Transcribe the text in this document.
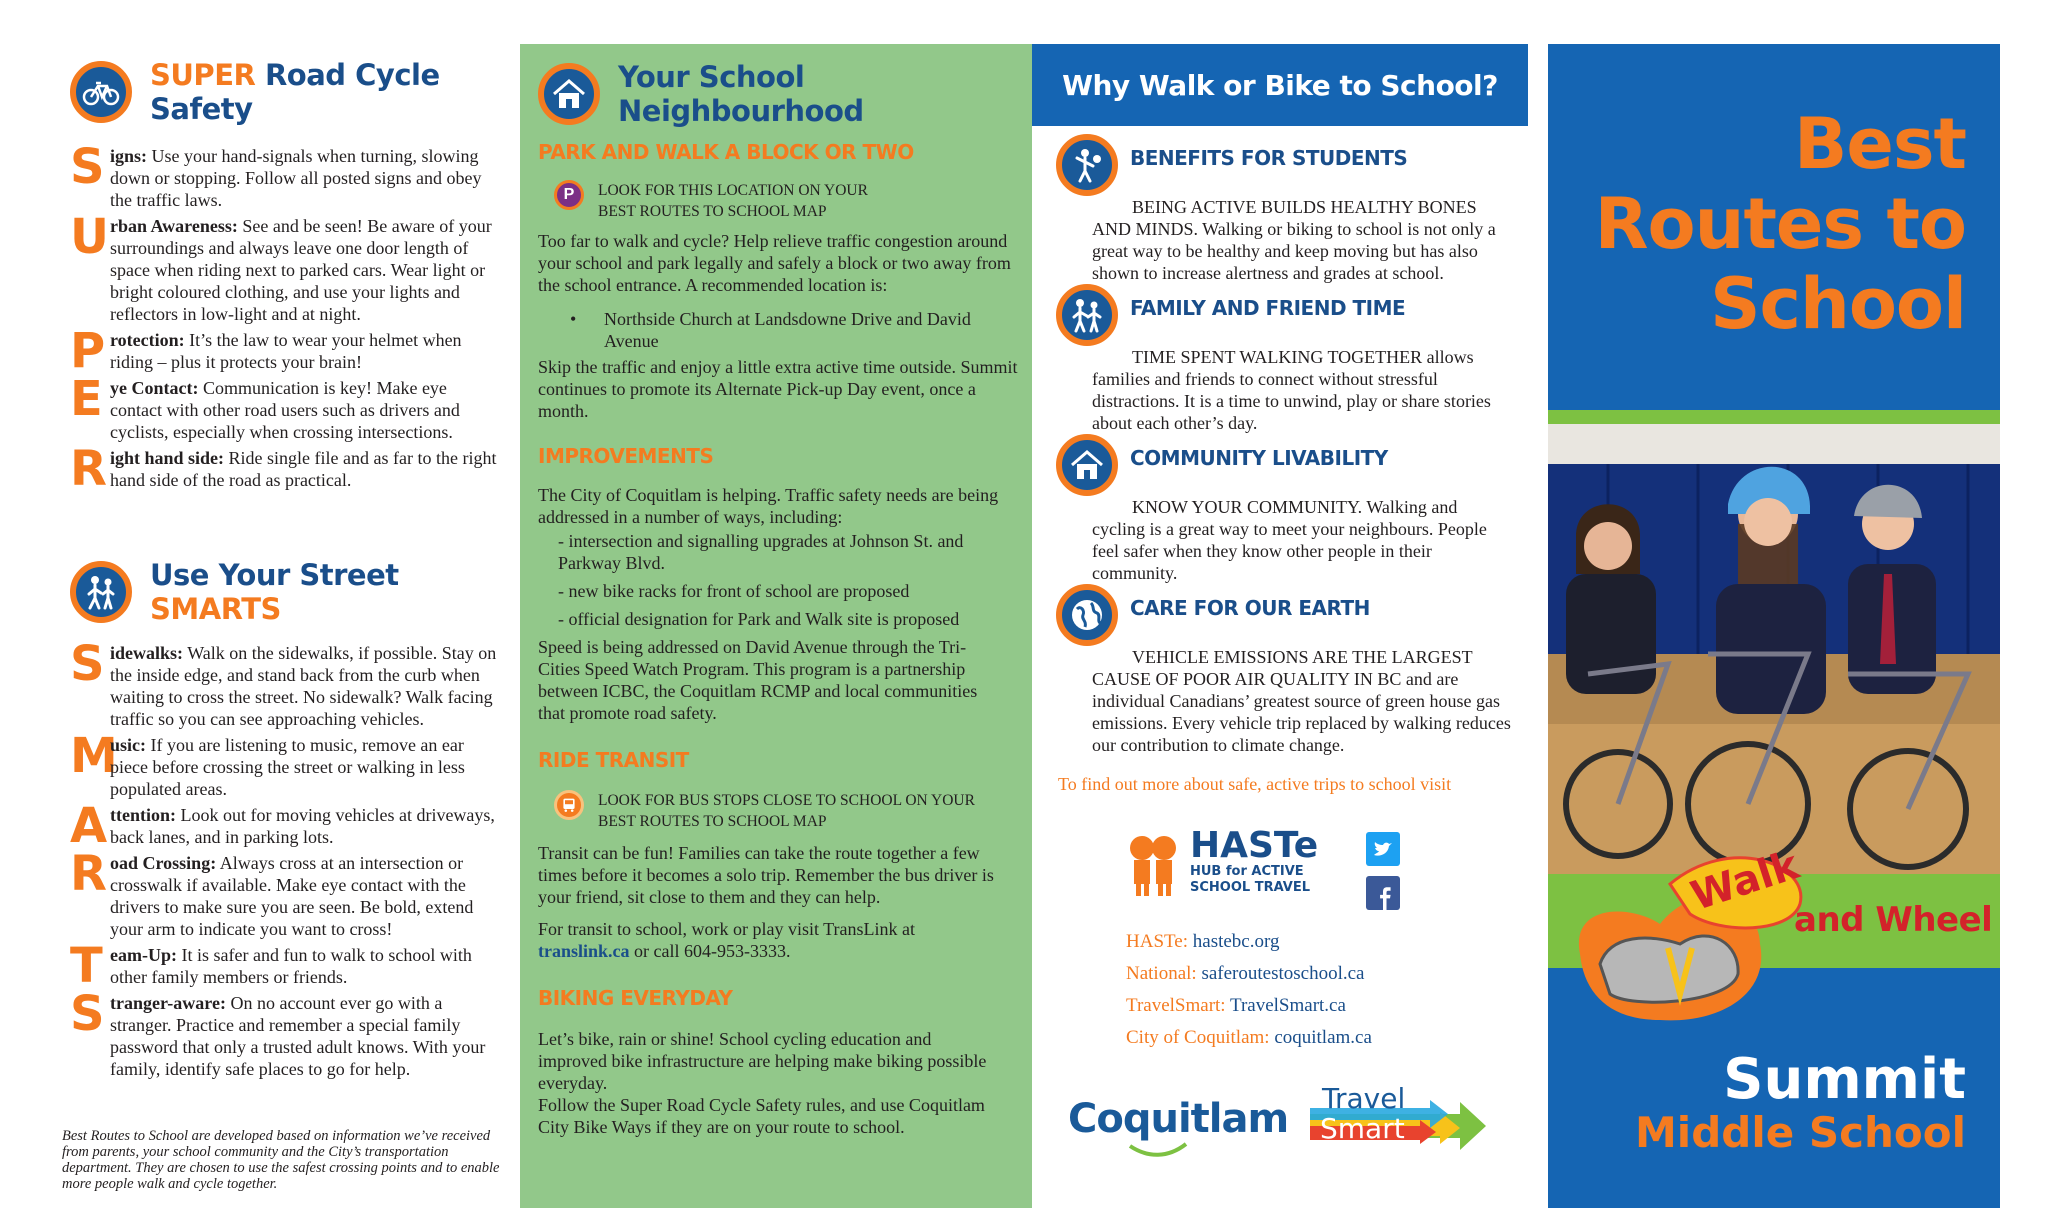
SUPER Road Cycle Safety
S igns: Use your hand-signals when turning, slowing down or stopping. Follow all posted signs and obey the traffic laws.
U rban Awareness: See and be seen! Be aware of your surroundings and always leave one door length of space when riding next to parked cars. Wear light or bright coloured clothing, and use your lights and reflectors in low-light and at night.
P rotection: It’s the law to wear your helmet when riding – plus it protects your brain!
E ye Contact: Communication is key! Make eye contact with other road users such as drivers and cyclists, especially when crossing intersections.
R ight hand side: Ride single file and as far to the right hand side of the road as practical.
Use Your Street SMARTS
S idewalks: Walk on the sidewalks, if possible. Stay on the inside edge, and stand back from the curb when waiting to cross the street. No sidewalk? Walk facing traffic so you can see approaching vehicles.
M
usic: If you are listening to music, remove an ear piece before crossing the street or walking in less populated areas.
A ttention: Look out for moving vehicles at driveways, back lanes, and in parking lots.
R oad Crossing: Always cross at an intersection or crosswalk if available. Make eye contact with the drivers to make sure you are seen. Be bold, extend your arm to indicate you want to cross!
T eam-Up: It is safer and fun to walk to school with other family members or friends.
S tranger-aware: On no account ever go with a stranger. Practice and remember a special family password that only a trusted adult knows. With your family, identify safe places to go for help.
Best Routes to School are developed based on information we’ve received from parents, your school community and the City’s transportation department. They are chosen to use the safest crossing points and to enable more people walk and cycle together.
Your School Neighbourhood
PARK AND WALK A BLOCK OR TWO
P	LOOK FOR THIS LOCATION ON YOUR BEST ROUTES TO SCHOOL MAP
Too far to walk and cycle? Help relieve traffic congestion around your school and park legally and safely a block or two away from the school entrance. A recommended location is:
•	Northside Church at Landsdowne Drive and David Avenue
Skip the traffic and enjoy a little extra active time outside. Summit continues to promote its Alternate Pick-up Day event, once a month.
IMPROVEMENTS
The City of Coquitlam is helping. Traffic safety needs are being addressed in a number of ways, including:
- intersection and signalling upgrades at Johnson St. and Parkway Blvd.
- new bike racks for front of school are proposed
- official designation for Park and Walk site is proposed
Speed is being addressed on David Avenue through the Tri-Cities Speed Watch Program. This program is a partnership between ICBC, the Coquitlam RCMP and local communities that promote road safety.
RIDE TRANSIT
LOOK FOR BUS STOPS CLOSE TO SCHOOL ON YOUR BEST ROUTES TO SCHOOL MAP
Transit can be fun! Families can take the route together a few times before it becomes a solo trip. Remember the bus driver is your friend, sit close to them and they can help.
For transit to school, work or play visit TransLink at translink.ca or call 604-953-3333.
BIKING EVERYDAY
Let’s bike, rain or shine! School cycling education and improved bike infrastructure are helping make biking possible everyday.
Follow the Super Road Cycle Safety rules, and use Coquitlam City Bike Ways if they are on your route to school.
Why Walk or Bike to School?
BENEFITS FOR STUDENTS
BEING ACTIVE BUILDS HEALTHY BONES AND MINDS. Walking or biking to school is not only a great way to be healthy and keep moving but has also shown to increase alertness and grades at school.
FAMILY AND FRIEND TIME
TIME SPENT WALKING TOGETHER allows families and friends to connect without stressful distractions. It is a time to unwind, play or share stories about each other’s day.
COMMUNITY LIVABILITY
KNOW YOUR COMMUNITY. Walking and cycling is a great way to meet your neighbours. People feel safer when they know other people in their community.
CARE FOR OUR EARTH
VEHICLE EMISSIONS ARE THE LARGEST CAUSE OF POOR AIR QUALITY IN BC and are individual Canadians’ greatest source of green house gas emissions. Every vehicle trip replaced by walking reduces our contribution to climate change.
To find out more about safe, active trips to school visit
HASTe
HUB for ACTIVE
SCHOOL TRAVEL
HASTe: hastebc.org
National: saferoutestoschool.ca
TravelSmart: TravelSmart.ca
City of Coquitlam: coquitlam.ca
Coquitlam Travel
Smart
Best
Routes to
School
Walk
and Wheel
Summit
Middle School
